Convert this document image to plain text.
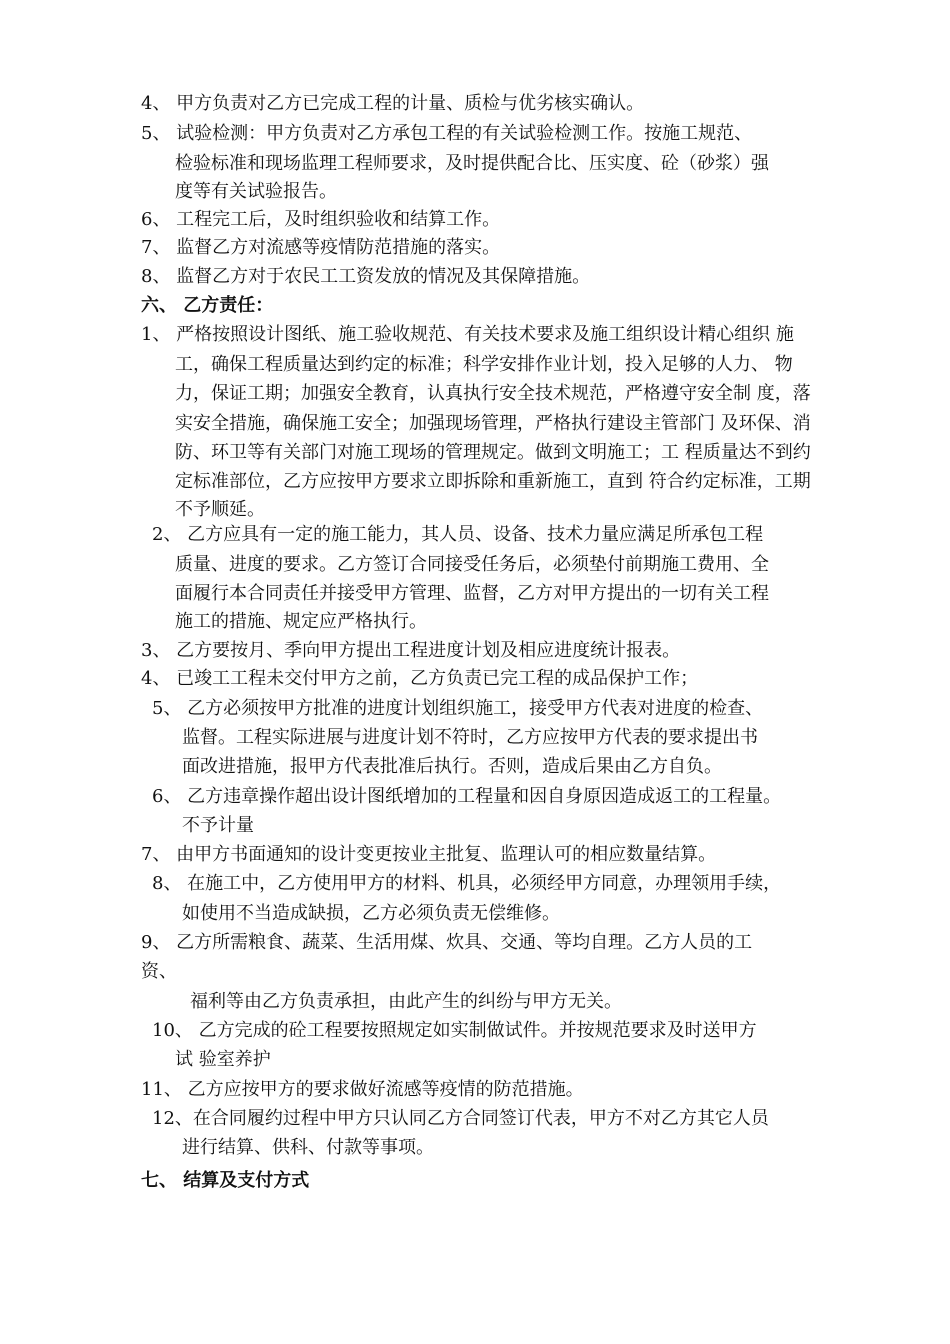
4、 甲方负责对乙方已完成工程的计量、质检与优劣核实确认。
5、 试验检测：甲方负责对乙方承包工程的有关试验检测工作。按施工规范、
检验标准和现场监理工程师要求，及时提供配合比、压实度、砼（砂浆）强
度等有关试验报告。
6、 工程完工后，及时组织验收和结算工作。
7、 监督乙方对流感等疫情防范措施的落实。
8、 监督乙方对于农民工工资发放的情况及其保障措施。
六、 乙方责任：
1、 严格按照设计图纸、施工验收规范、有关技术要求及施工组织设计精心组织 施
工，确保工程质量达到约定的标准；科学安排作业计划，投入足够的人力、 物
力，保证工期；加强安全教育，认真执行安全技术规范，严格遵守安全制 度，落
实安全措施，确保施工安全；加强现场管理，严格执行建设主管部门 及环保、消
防、环卫等有关部门对施工现场的管理规定。做到文明施工；工 程质量达不到约
定标准部位，乙方应按甲方要求立即拆除和重新施工，直到 符合约定标准，工期
不予顺延。
2、 乙方应具有一定的施工能力，其人员、设备、技术力量应满足所承包工程
质量、进度的要求。乙方签订合同接受任务后，必须垫付前期施工费用、全
面履行本合同责任并接受甲方管理、监督，乙方对甲方提出的一切有关工程
施工的措施、规定应严格执行。
3、 乙方要按月、季向甲方提出工程进度计划及相应进度统计报表。
4、 已竣工工程未交付甲方之前，乙方负责已完工程的成品保护工作；
5、 乙方必须按甲方批准的进度计划组织施工，接受甲方代表对进度的检查、
监督。工程实际进展与进度计划不符时，乙方应按甲方代表的要求提出书
面改进措施，报甲方代表批准后执行。否则，造成后果由乙方自负。
6、 乙方违章操作超出设计图纸增加的工程量和因自身原因造成返工的工程量。
不予计量
7、 由甲方书面通知的设计变更按业主批复、监理认可的相应数量结算。
8、 在施工中，乙方使用甲方的材料、机具，必须经甲方同意，办理领用手续，
如使用不当造成缺损，乙方必须负责无偿维修。
9、 乙方所需粮食、蔬菜、生活用煤、炊具、交通、等均自理。乙方人员的工
资、
福利等由乙方负责承担，由此产生的纠纷与甲方无关。
10、 乙方完成的砼工程要按照规定如实制做试件。并按规范要求及时送甲方
试 验室养护
11、 乙方应按甲方的要求做好流感等疫情的防范措施。
12、在合同履约过程中甲方只认同乙方合同签订代表，甲方不对乙方其它人员
进行结算、供科、付款等事项。
七、 结算及支付方式
